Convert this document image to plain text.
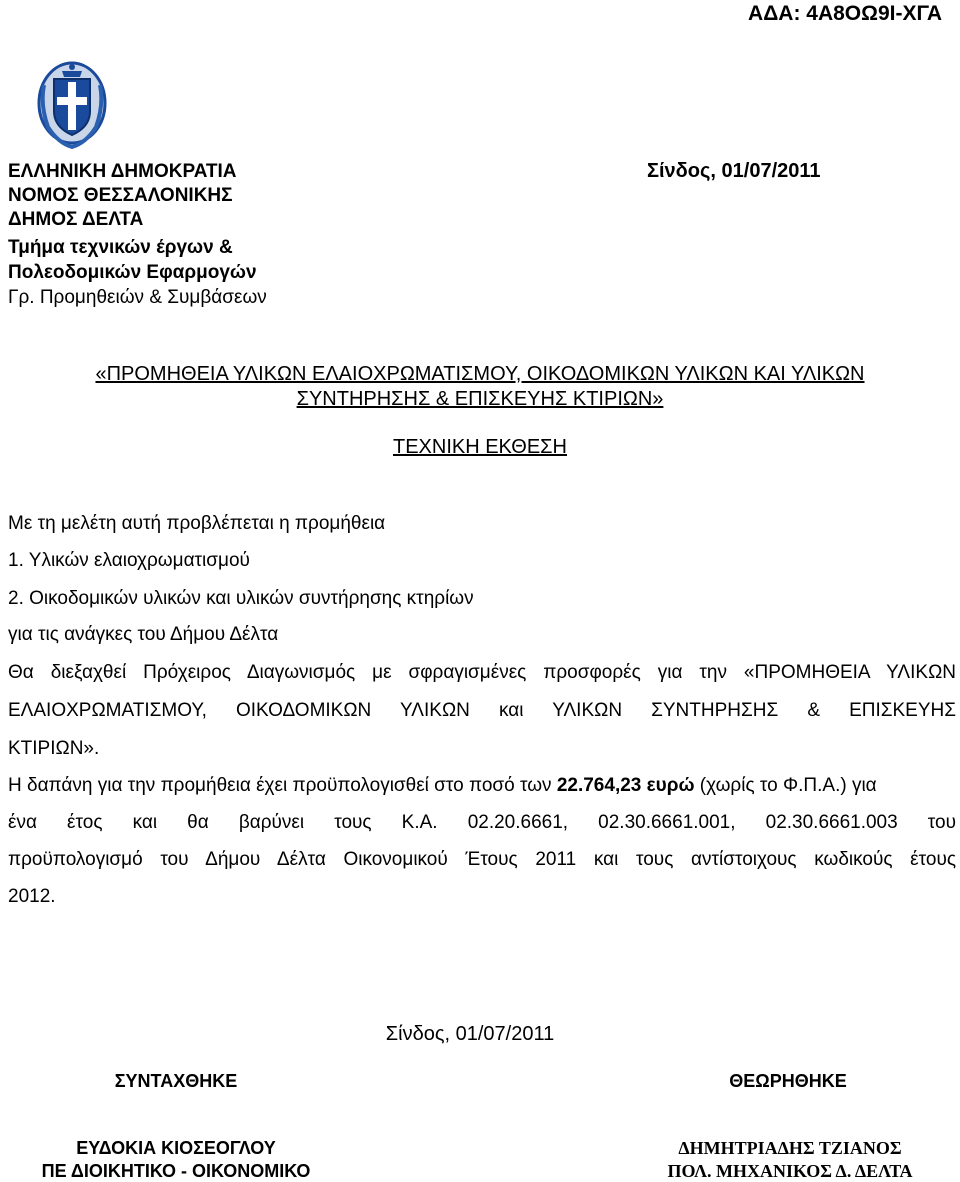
ΑΔΑ: 4Α8ΟΩ9Ι-ΧΓΑ
ΕΛΛΗΝΙΚΗ ΔΗΜΟΚΡΑΤΙΑ
ΝΟΜΟΣ ΘΕΣΣΑΛΟΝΙΚΗΣ
ΔΗΜΟΣ ΔΕΛΤΑ
Τμήμα τεχνικών έργων &
Πολεοδομικών Εφαρμογών
Γρ. Προμηθειών & Συμβάσεων
Σίνδος, 01/07/2011
«ΠΡΟΜΗΘΕΙΑ ΥΛΙΚΩΝ ΕΛΑΙΟΧΡΩΜΑΤΙΣΜΟΥ, ΟΙΚΟΔΟΜΙΚΩΝ ΥΛΙΚΩΝ ΚΑΙ ΥΛΙΚΩΝ
ΣΥΝΤΗΡΗΣΗΣ & ΕΠΙΣΚΕΥΗΣ ΚΤΙΡΙΩΝ»
ΤΕΧΝΙΚΗ ΕΚΘΕΣΗ
Με τη μελέτη αυτή προβλέπεται η προμήθεια
1. Υλικών ελαιοχρωματισμού
2. Οικοδομικών υλικών και υλικών συντήρησης κτηρίων
για τις ανάγκες του Δήμου Δέλτα
Θα διεξαχθεί Πρόχειρος Διαγωνισμός με σφραγισμένες προσφορές για την «ΠΡΟΜΗΘΕΙΑ ΥΛΙΚΩΝ
ΕΛΑΙΟΧΡΩΜΑΤΙΣΜΟΥ, ΟΙΚΟΔΟΜΙΚΩΝ ΥΛΙΚΩΝ και ΥΛΙΚΩΝ ΣΥΝΤΗΡΗΣΗΣ & ΕΠΙΣΚΕΥΗΣ
ΚΤΙΡΙΩΝ».
Η δαπάνη για την προμήθεια έχει προϋπολογισθεί στο ποσό των 22.764,23 ευρώ (χωρίς το Φ.Π.Α.) για
ένα έτος και θα βαρύνει τους Κ.Α. 02.20.6661, 02.30.6661.001, 02.30.6661.003 του
προϋπολογισμό του Δήμου Δέλτα Οικονομικού Έτους 2011 και τους αντίστοιχους κωδικούς έτους
2012.
Σίνδος, 01/07/2011
ΣΥΝΤΑΧΘΗΚΕ	ΘΕΩΡΗΘΗΚΕ
ΕΥΔΟΚΙΑ ΚΙΟΣΕΟΓΛΟΥ
ΠΕ ΔΙΟΙΚΗΤΙΚΟ - ΟΙΚΟΝΟΜΙΚΟ
ΔΗΜΗΤΡΙΑΔΗΣ ΤΖΙΑΝΟΣ
ΠΟΛ. ΜΗΧΑΝΙΚΟΣ Δ. ΔΕΛΤΑ
